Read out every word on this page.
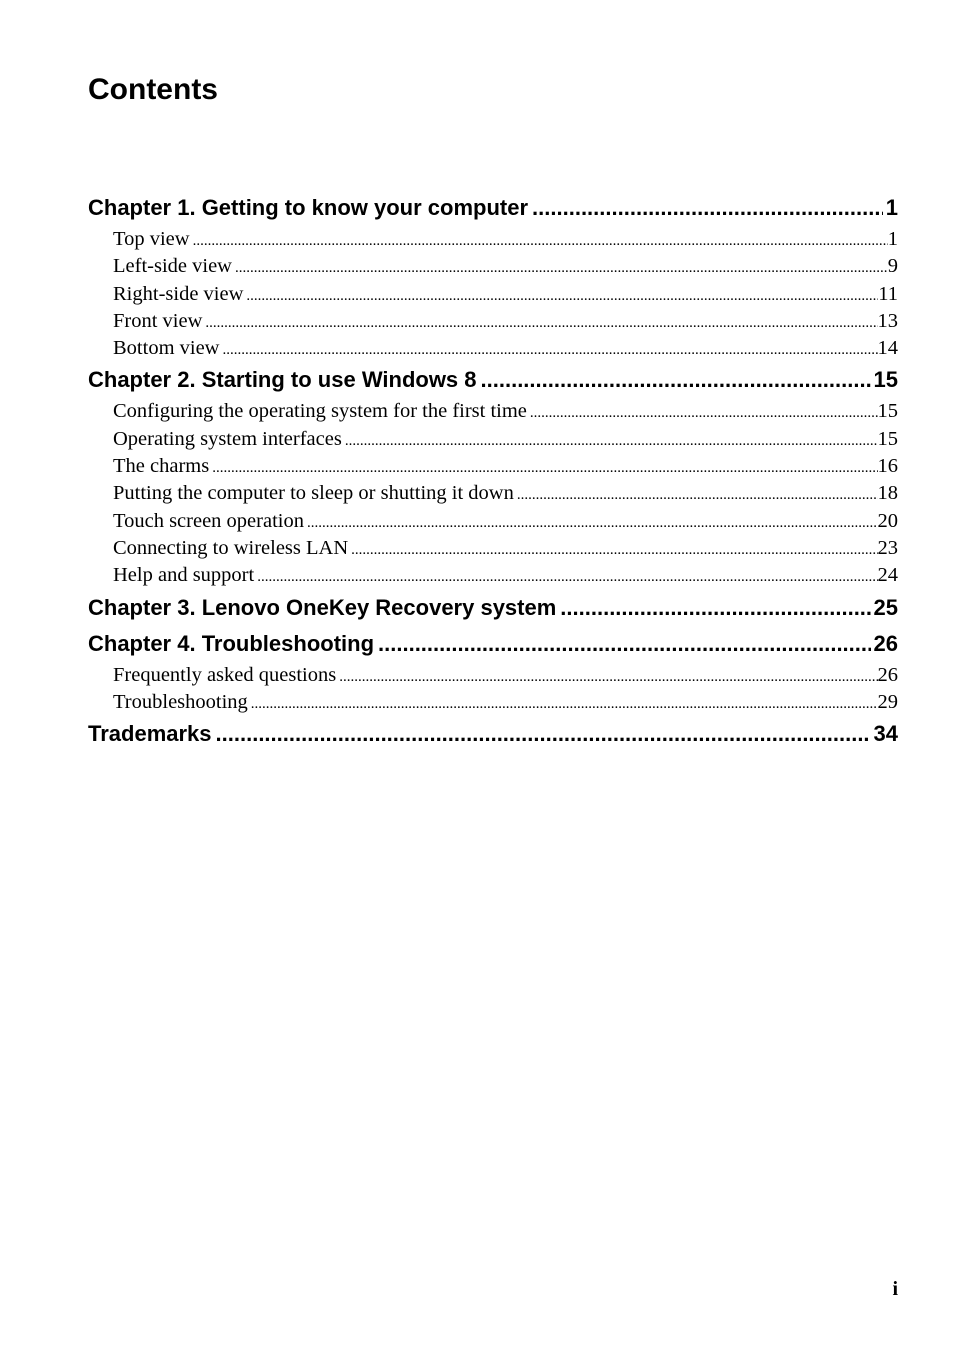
Contents
Chapter 1. Getting to know your computer .....	1
Top view .....	1
Left-side view .....	9
Right-side view .....	11
Front view .....	13
Bottom view .....	14
Chapter 2. Starting to use Windows 8 .....	15
Configuring the operating system for the first time .....	15
Operating system interfaces .....	15
The charms .....	16
Putting the computer to sleep or shutting it down .....	18
Touch screen operation .....	20
Connecting to wireless LAN .....	23
Help and support .....	24
Chapter 3. Lenovo OneKey Recovery system .....	25
Chapter 4. Troubleshooting .....	26
Frequently asked questions .....	26
Troubleshooting .....	29
Trademarks .....	34
i
